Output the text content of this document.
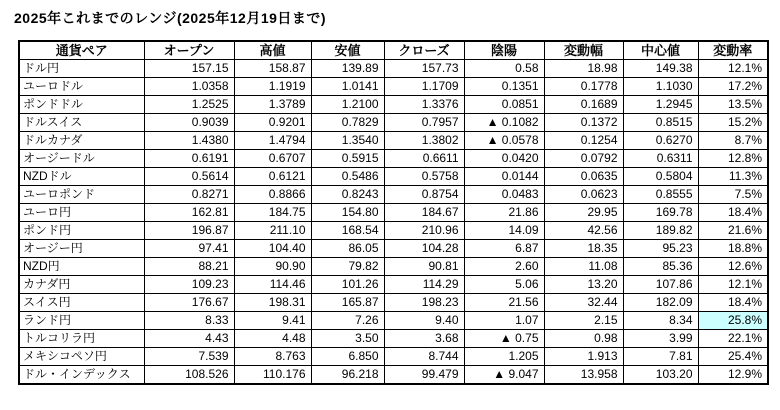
2025年これまでのレンジ(2025年12月19日まで)
通貨ペア	オープン	高値	安値	クローズ	陰陽	変動幅	中心値	変動率
ドル円	157.15	158.87	139.89	157.73	0.58	18.98	149.38	12.1%
ユーロドル	1.0358	1.1919	1.0141	1.1709	0.1351	0.1778	1.1030	17.2%
ポンドドル	1.2525	1.3789	1.2100	1.3376	0.0851	0.1689	1.2945	13.5%
ドルスイス	0.9039	0.9201	0.7829	0.7957	▲ 0.1082	0.1372	0.8515	15.2%
ドルカナダ	1.4380	1.4794	1.3540	1.3802	▲ 0.0578	0.1254	0.6270	8.7%
オージードル	0.6191	0.6707	0.5915	0.6611	0.0420	0.0792	0.6311	12.8%
NZDドル	0.5614	0.6121	0.5486	0.5758	0.0144	0.0635	0.5804	11.3%
ユーロポンド	0.8271	0.8866	0.8243	0.8754	0.0483	0.0623	0.8555	7.5%
ユーロ円	162.81	184.75	154.80	184.67	21.86	29.95	169.78	18.4%
ポンド円	196.87	211.10	168.54	210.96	14.09	42.56	189.82	21.6%
オージー円	97.41	104.40	86.05	104.28	6.87	18.35	95.23	18.8%
NZD円	88.21	90.90	79.82	90.81	2.60	11.08	85.36	12.6%
カナダ円	109.23	114.46	101.26	114.29	5.06	13.20	107.86	12.1%
スイス円	176.67	198.31	165.87	198.23	21.56	32.44	182.09	18.4%
ランド円	8.33	9.41	7.26	9.40	1.07	2.15	8.34	25.8%
トルコリラ円	4.43	4.48	3.50	3.68	▲ 0.75	0.98	3.99	22.1%
メキシコペソ円	7.539	8.763	6.850	8.744	1.205	1.913	7.81	25.4%
ドル・インデックス	108.526	110.176	96.218	99.479	▲ 9.047	13.958	103.20	12.9%
